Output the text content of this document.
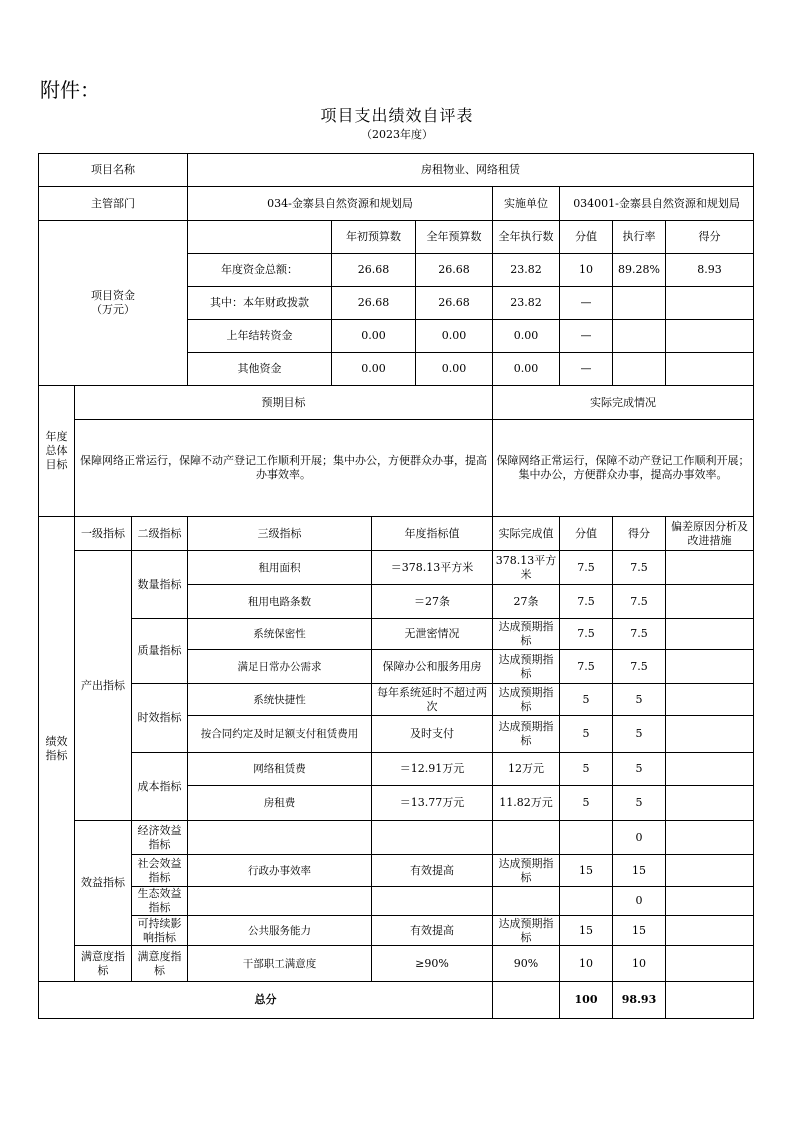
附件：
项目支出绩效自评表
（2023年度）
项目名称			房租物业、网络租赁							
主管部门			034-金寨县自然资源和规划局				实施单位	034001-金寨县自然资源和规划局		
项目资金
（万元）				年初预算数		全年预算数	全年执行数	分值	执行率	得分
			年度资金总额：	26.68		26.68	23.82	10	89.28%	8.93
			其中：本年财政拨款	26.68		26.68	23.82	—		
			上年结转资金	0.00		0.00	0.00	—		
			其他资金	0.00		0.00	0.00	—		
年度总体目标	预期目标						实际完成情况			
	保障网络正常运行，保障不动产登记工作顺利开展；集中办公，方便群众办事，提高办事效率。						保障网络正常运行，保障不动产登记工作顺利开展；集中办公，方便群众办事，提高办事效率。			
绩效指标	一级指标	二级指标	三级指标		年度指标值		实际完成值	分值	得分	偏差原因分析及改进措施
	产出指标	数量指标	租用面积		＝378.13平方米		378.13平方米	7.5	7.5	
			租用电路条数		＝27条		27条	7.5	7.5	
		质量指标	系统保密性		无泄密情况		达成预期指标	7.5	7.5	
			满足日常办公需求		保障办公和服务用房		达成预期指标	7.5	7.5	
		时效指标	系统快捷性		每年系统延时不超过两次		达成预期指标	5	5	
			按合同约定及时足额支付租赁费用		及时支付		达成预期指标	5	5	
		成本指标	网络租赁费		＝12.91万元		12万元	5	5	
			房租费		＝13.77万元		11.82万元	5	5	
	效益指标	经济效益指标							0	
		社会效益指标	行政办事效率		有效提高		达成预期指标	15	15	
		生态效益指标							0	
		可持续影响指标	公共服务能力		有效提高		达成预期指标	15	15	
	满意度指标	满意度指标	干部职工满意度		≥90%		90%	10	10	
总分								100	98.93	
